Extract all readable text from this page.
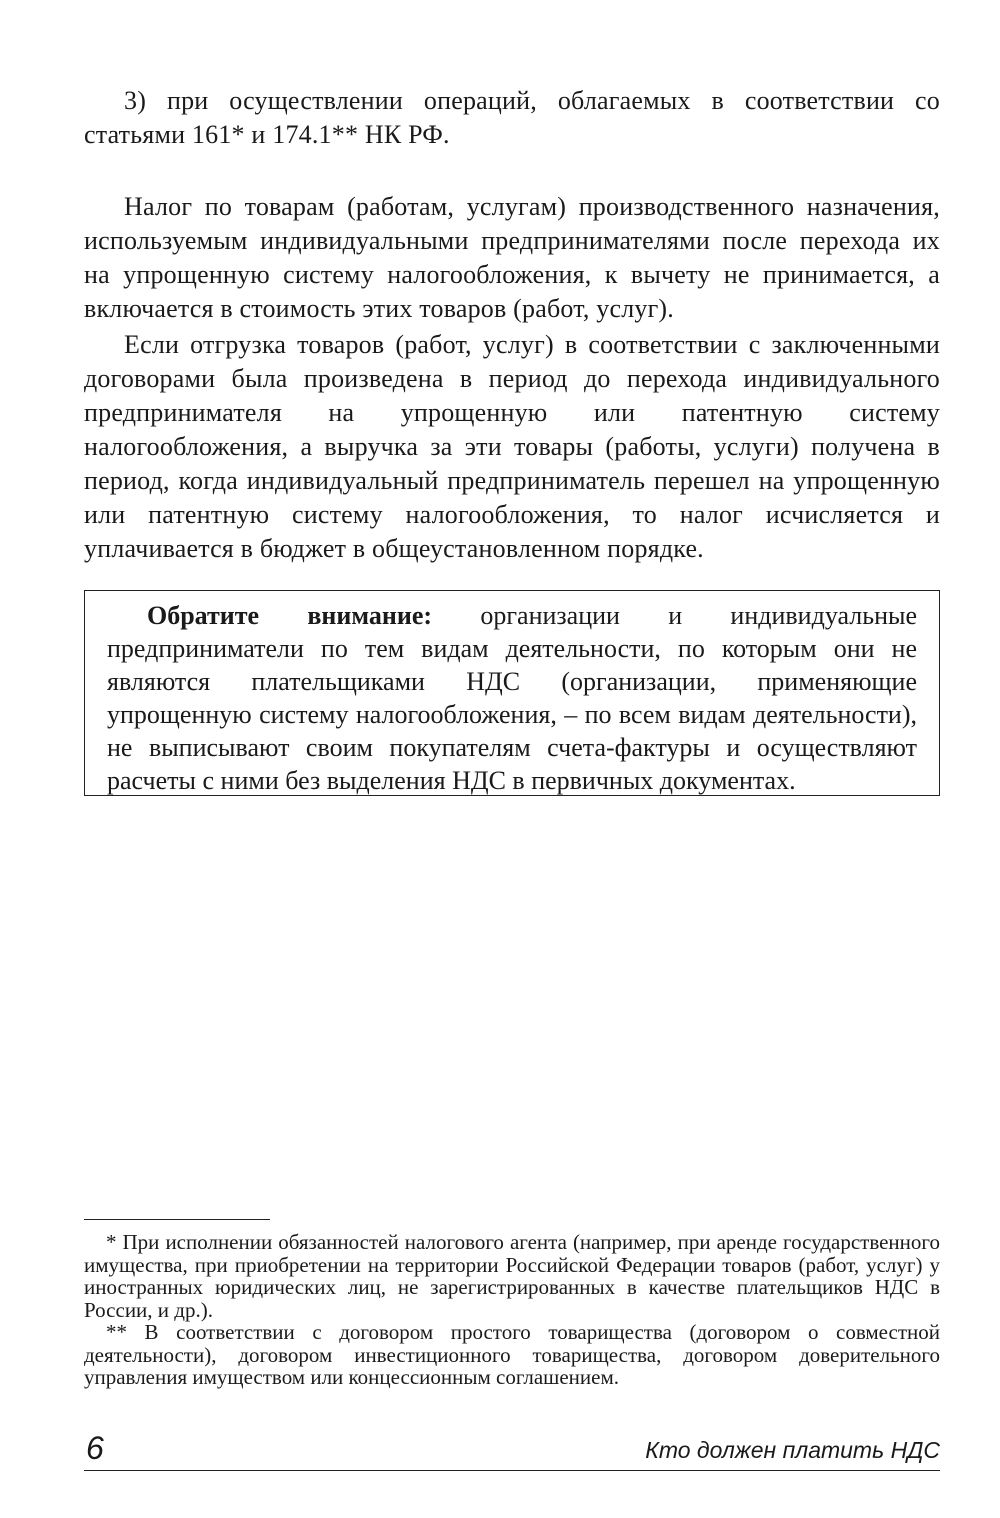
3) при осуществлении операций, облагаемых в соответствии со статьями 161* и 174.1** НК РФ.

Налог по товарам (работам, услугам) производственного назначения, используемым индивидуальными предпринимателями после перехода их на упрощенную систему налогообложения, к вычету не принимается, а включается в стоимость этих товаров (работ, услуг).

Если отгрузка товаров (работ, услуг) в соответствии с заключенными договорами была произведена в период до перехода индивидуального предпринимателя на упрощенную или патентную систему налогообложения, а выручка за эти товары (работы, услуги) получена в период, когда индивидуальный предприниматель перешел на упрощенную или патентную систему налогообложения, то налог исчисляется и уплачивается в бюджет в общеустановленном порядке.

Обратите внимание: организации и индивидуальные предприниматели по тем видам деятельности, по которым они не являются плательщиками НДС (организации, применяющие упрощенную систему налогообложения, – по всем видам деятельности), не выписывают своим покупателям счета-фактуры и осуществляют расчеты с ними без выделения НДС в первичных документах.

* При исполнении обязанностей налогового агента (например, при аренде государственного имущества, при приобретении на территории Российской Федерации товаров (работ, услуг) у иностранных юридических лиц, не зарегистрированных в качестве плательщиков НДС в России, и др.).

** В соответствии с договором простого товарищества (договором о совместной деятельности), договором инвестиционного товарищества, договором доверительного управления имуществом или концессионным соглашением.

6	Кто должен платить НДС
